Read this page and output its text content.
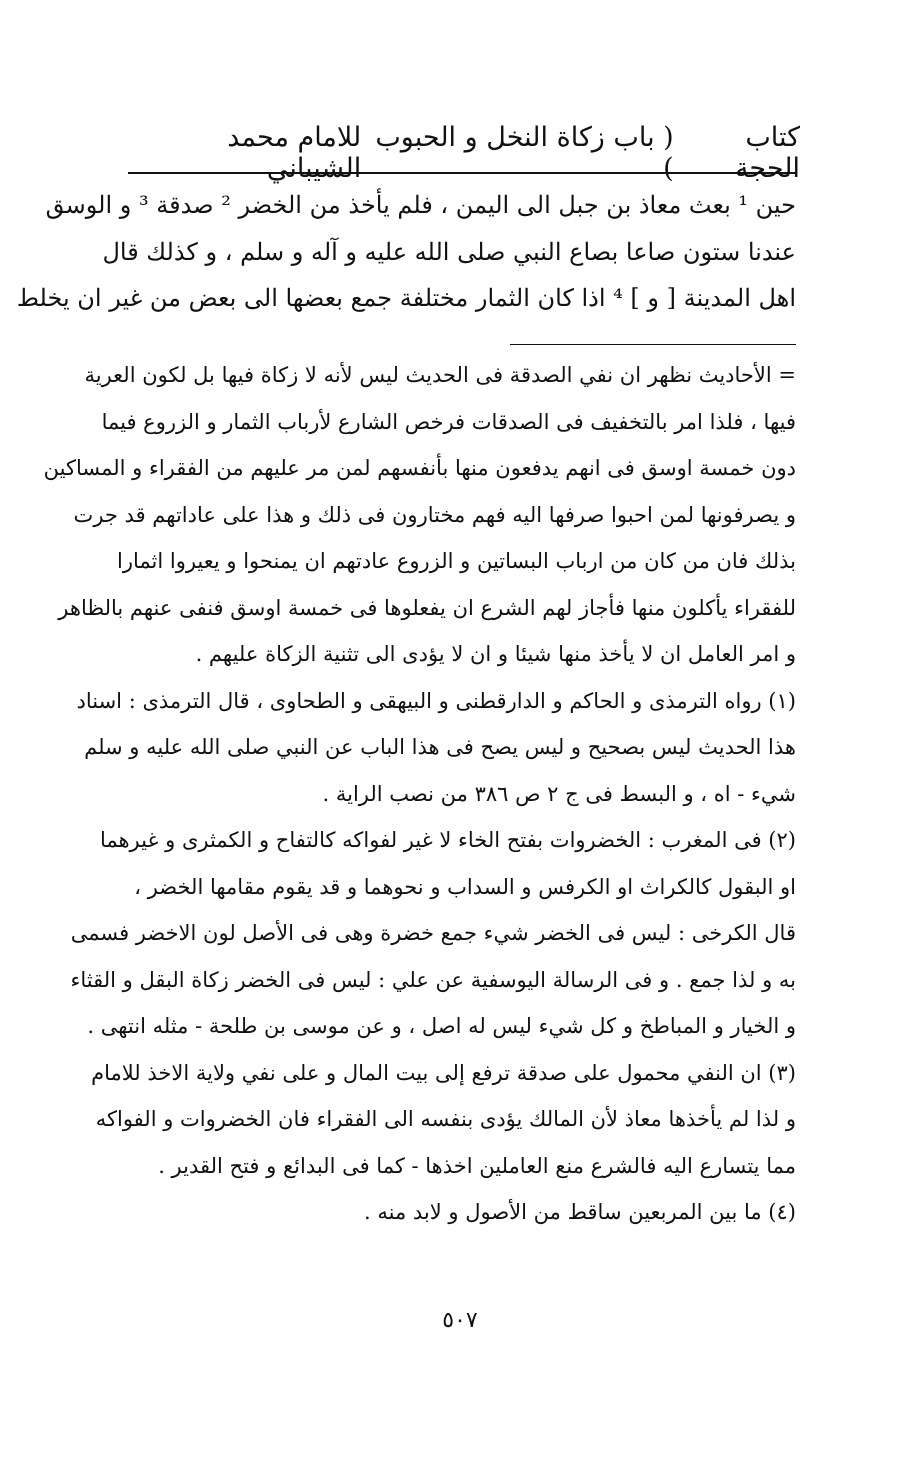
كتاب الحجة
( باب زكاة النخل و الحبوب )
للامام محمد الشيباني
حين ¹ بعث معاذ بن جبل الى اليمن ، فلم يأخذ من الخضر ² صدقة ³ و الوسق
عندنا ستون صاعا بصاع النبي صلى الله عليه و آله و سلم ، و كذلك قال
اهل المدينة [ و ] ⁴ اذا كان الثمار مختلفة جمع بعضها الى بعض من غير ان يخلط
= الأحاديث نظهر ان نفي الصدقة فى الحديث ليس لأنه لا زكاة فيها بل لكون العرية
فيها ، فلذا امر بالتخفيف فى الصدقات فرخص الشارع لأرباب الثمار و الزروع فيما
دون خمسة اوسق فى انهم يدفعون منها بأنفسهم لمن مر عليهم من الفقراء و المساكين
و يصرفونها لمن احبوا صرفها اليه فهم مختارون فى ذلك و هذا على عاداتهم قد جرت
بذلك فان من كان من ارباب البساتين و الزروع عادتهم ان يمنحوا و يعيروا اثمارا
للفقراء يأكلون منها فأجاز لهم الشرع ان يفعلوها فى خمسة اوسق فنفى عنهم بالظاهر
و امر العامل ان لا يأخذ منها شيئا و ان لا يؤدى الى تثنية الزكاة عليهم .
(١) رواه الترمذى و الحاكم و الدارقطنى و البيهقى و الطحاوى ، قال الترمذى : اسناد
هذا الحديث ليس بصحيح و ليس يصح فى هذا الباب عن النبي صلى الله عليه و سلم
شيء - اه ، و البسط فى ج ٢ ص ٣٨٦ من نصب الراية .
(٢) فى المغرب : الخضروات بفتح الخاء لا غير لفواكه كالتفاح و الكمثرى و غيرهما
او البقول كالكراث او الكرفس و السداب و نحوهما و قد يقوم مقامها الخضر ،
قال الكرخى : ليس فى الخضر شيء جمع خضرة وهى فى الأصل لون الاخضر فسمى
به و لذا جمع . و فى الرسالة اليوسفية عن علي : ليس فى الخضر زكاة البقل و القثاء
و الخيار و المباطخ و كل شيء ليس له اصل ، و عن موسى بن طلحة - مثله انتهى .
(٣) ان النفي محمول على صدقة ترفع إلى بيت المال و على نفي ولاية الاخذ للامام
و لذا لم يأخذها معاذ لأن المالك يؤدى بنفسه الى الفقراء فان الخضروات و الفواكه
مما يتسارع اليه فالشرع منع العاملين اخذها - كما فى البدائع و فتح القدير .
(٤) ما بين المربعين ساقط من الأصول و لابد منه .
٥٠٧
